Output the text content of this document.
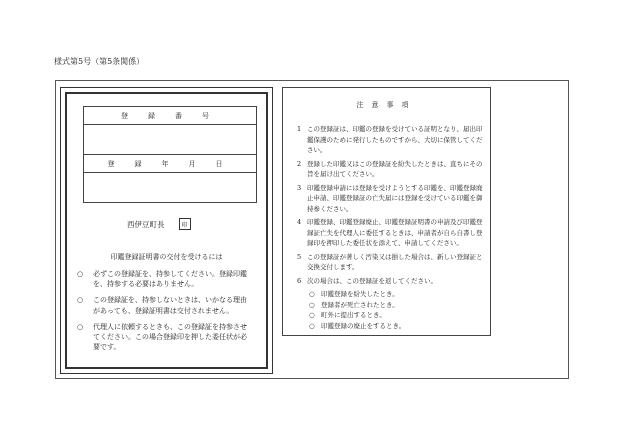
様式第5号（第5条関係）
登録番号
登録年月日
西伊豆町長	印
印鑑登録証明書の交付を受けるには
○	必ずこの登録証を、持参してください。登録印鑑を、持参する必要はありません。
○	この登録証を、持参しないときは、いかなる理由があっても、登録証明書は交付されません。
○	代理人に依頼するときも、この登録証を持参させてください。この場合登録印を押した委任状が必要です。
注意事項
1 この登録証は、印鑑の登録を受けている証明となり、届出印鑑保護のために発行したものですから、大切に保管してください。
2 登録した印鑑又はこの登録証を紛失したときは、直ちにその旨を届け出てください。
3 印鑑登録申請には登録を受けようとする印鑑を、印鑑登録廃止申請、印鑑登録証の亡失届には登録を受けている印鑑を御持参ください。
4 印鑑登録、印鑑登録廃止、印鑑登録証明書の申請及び印鑑登録証亡失を代理人に委任するときは、申請者が自ら自書し登録印を押印した委任状を添えて、申請してください。
5 この登録証が著しく汚染又は損した場合は、新しい登録証と交換交付します。
6 次の場合は、この登録証を返してください。
○ 印鑑登録を紛失したとき。
○ 登録者が死亡されたとき。
○ 町外に提出するとき。
○ 印鑑登録の廃止をするとき。
